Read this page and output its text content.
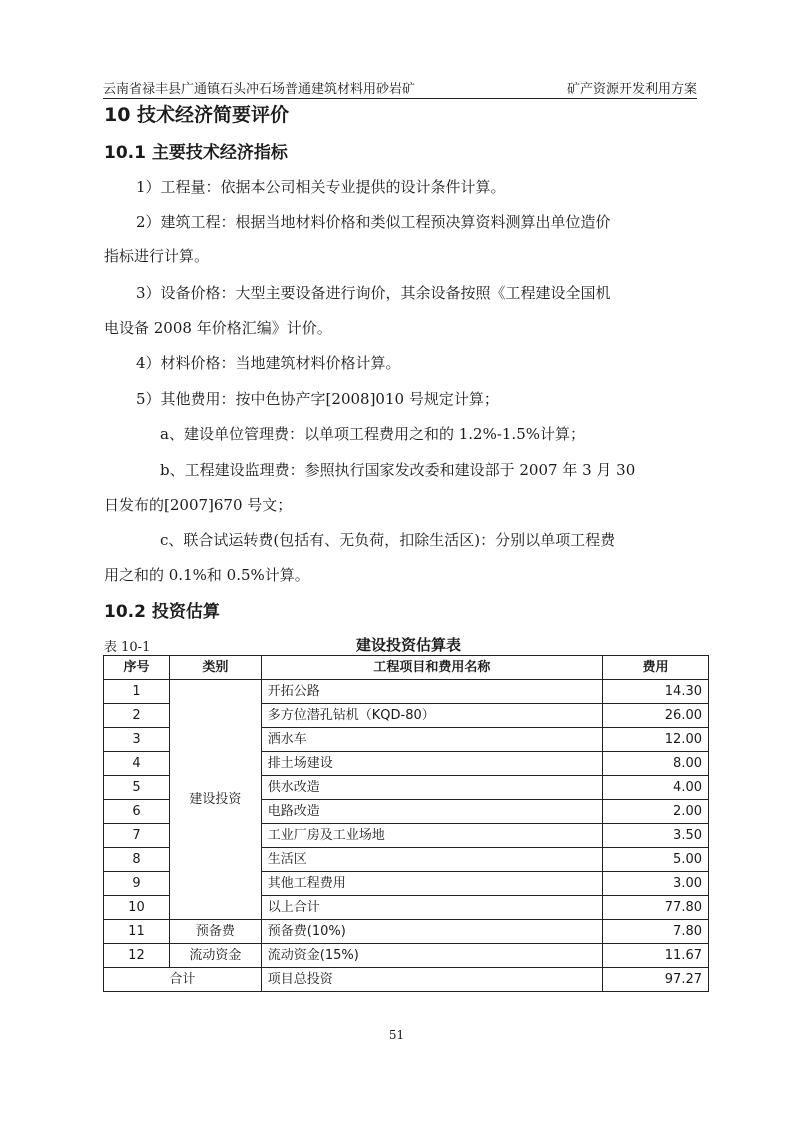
云南省禄丰县广通镇石头冲石场普通建筑材料用砂岩矿	矿产资源开发利用方案
10 技术经济简要评价
10.1 主要技术经济指标
1）工程量：依据本公司相关专业提供的设计条件计算。
2）建筑工程：根据当地材料价格和类似工程预决算资料测算出单位造价
指标进行计算。
3）设备价格：大型主要设备进行询价，其余设备按照《工程建设全国机
电设备 2008 年价格汇编》计价。
4）材料价格：当地建筑材料价格计算。
5）其他费用：按中色协产字[2008]010 号规定计算；
a、建设单位管理费：以单项工程费用之和的 1.2%-1.5%计算；
b、工程建设监理费：参照执行国家发改委和建设部于 2007 年 3 月 30
日发布的[2007]670 号文；
c、联合试运转费(包括有、无负荷，扣除生活区)：分别以单项工程费
用之和的 0.1%和 0.5%计算。
10.2 投资估算
表 10-1	建设投资估算表
序号	类别	工程项目和费用名称	费用
1	建设投资	开拓公路	14.30
2		多方位潜孔钻机（KQD-80）	26.00
3		洒水车	12.00
4		排土场建设	8.00
5		供水改造	4.00
6		电路改造	2.00
7		工业厂房及工业场地	3.50
8		生活区	5.00
9		其他工程费用	3.00
10		以上合计	77.80
11	预备费	预备费(10%)	7.80
12	流动资金	流动资金(15%)	11.67
合计		项目总投资	97.27
51
